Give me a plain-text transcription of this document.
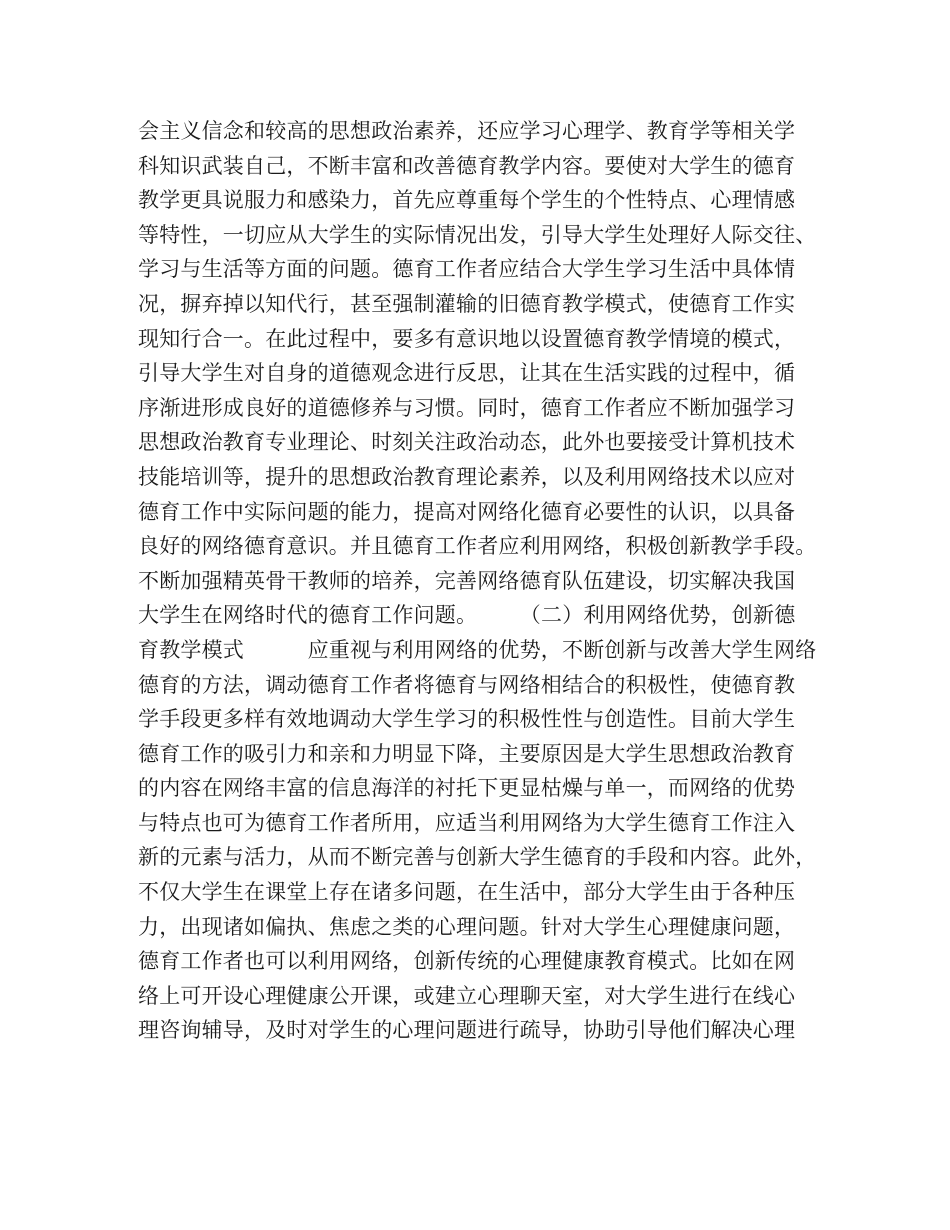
会主义信念和较高的思想政治素养，还应学习心理学、教育学等相关学
科知识武装自己，不断丰富和改善德育教学内容。要使对大学生的德育
教学更具说服力和感染力，首先应尊重每个学生的个性特点、心理情感
等特性，一切应从大学生的实际情况出发，引导大学生处理好人际交往、
学习与生活等方面的问题。德育工作者应结合大学生学习生活中具体情
况，摒弃掉以知代行，甚至强制灌输的旧德育教学模式，使德育工作实
现知行合一。在此过程中，要多有意识地以设置德育教学情境的模式，
引导大学生对自身的道德观念进行反思，让其在生活实践的过程中，循
序渐进形成良好的道德修养与习惯。同时，德育工作者应不断加强学习
思想政治教育专业理论、时刻关注政治动态，此外也要接受计算机技术
技能培训等，提升的思想政治教育理论素养，以及利用网络技术以应对
德育工作中实际问题的能力，提高对网络化德育必要性的认识，以具备
良好的网络德育意识。并且德育工作者应利用网络，积极创新教学手段。
不断加强精英骨干教师的培养，完善网络德育队伍建设，切实解决我国
大学生在网络时代的德育工作问题。　　　（二）利用网络优势，创新德
育教学模式　　　应重视与利用网络的优势，不断创新与改善大学生网络
德育的方法，调动德育工作者将德育与网络相结合的积极性，使德育教
学手段更多样有效地调动大学生学习的积极性性与创造性。目前大学生
德育工作的吸引力和亲和力明显下降，主要原因是大学生思想政治教育
的内容在网络丰富的信息海洋的衬托下更显枯燥与单一，而网络的优势
与特点也可为德育工作者所用，应适当利用网络为大学生德育工作注入
新的元素与活力，从而不断完善与创新大学生德育的手段和内容。此外，
不仅大学生在课堂上存在诸多问题，在生活中，部分大学生由于各种压
力，出现诸如偏执、焦虑之类的心理问题。针对大学生心理健康问题，
德育工作者也可以利用网络，创新传统的心理健康教育模式。比如在网
络上可开设心理健康公开课，或建立心理聊天室，对大学生进行在线心
理咨询辅导，及时对学生的心理问题进行疏导，协助引导他们解决心理
